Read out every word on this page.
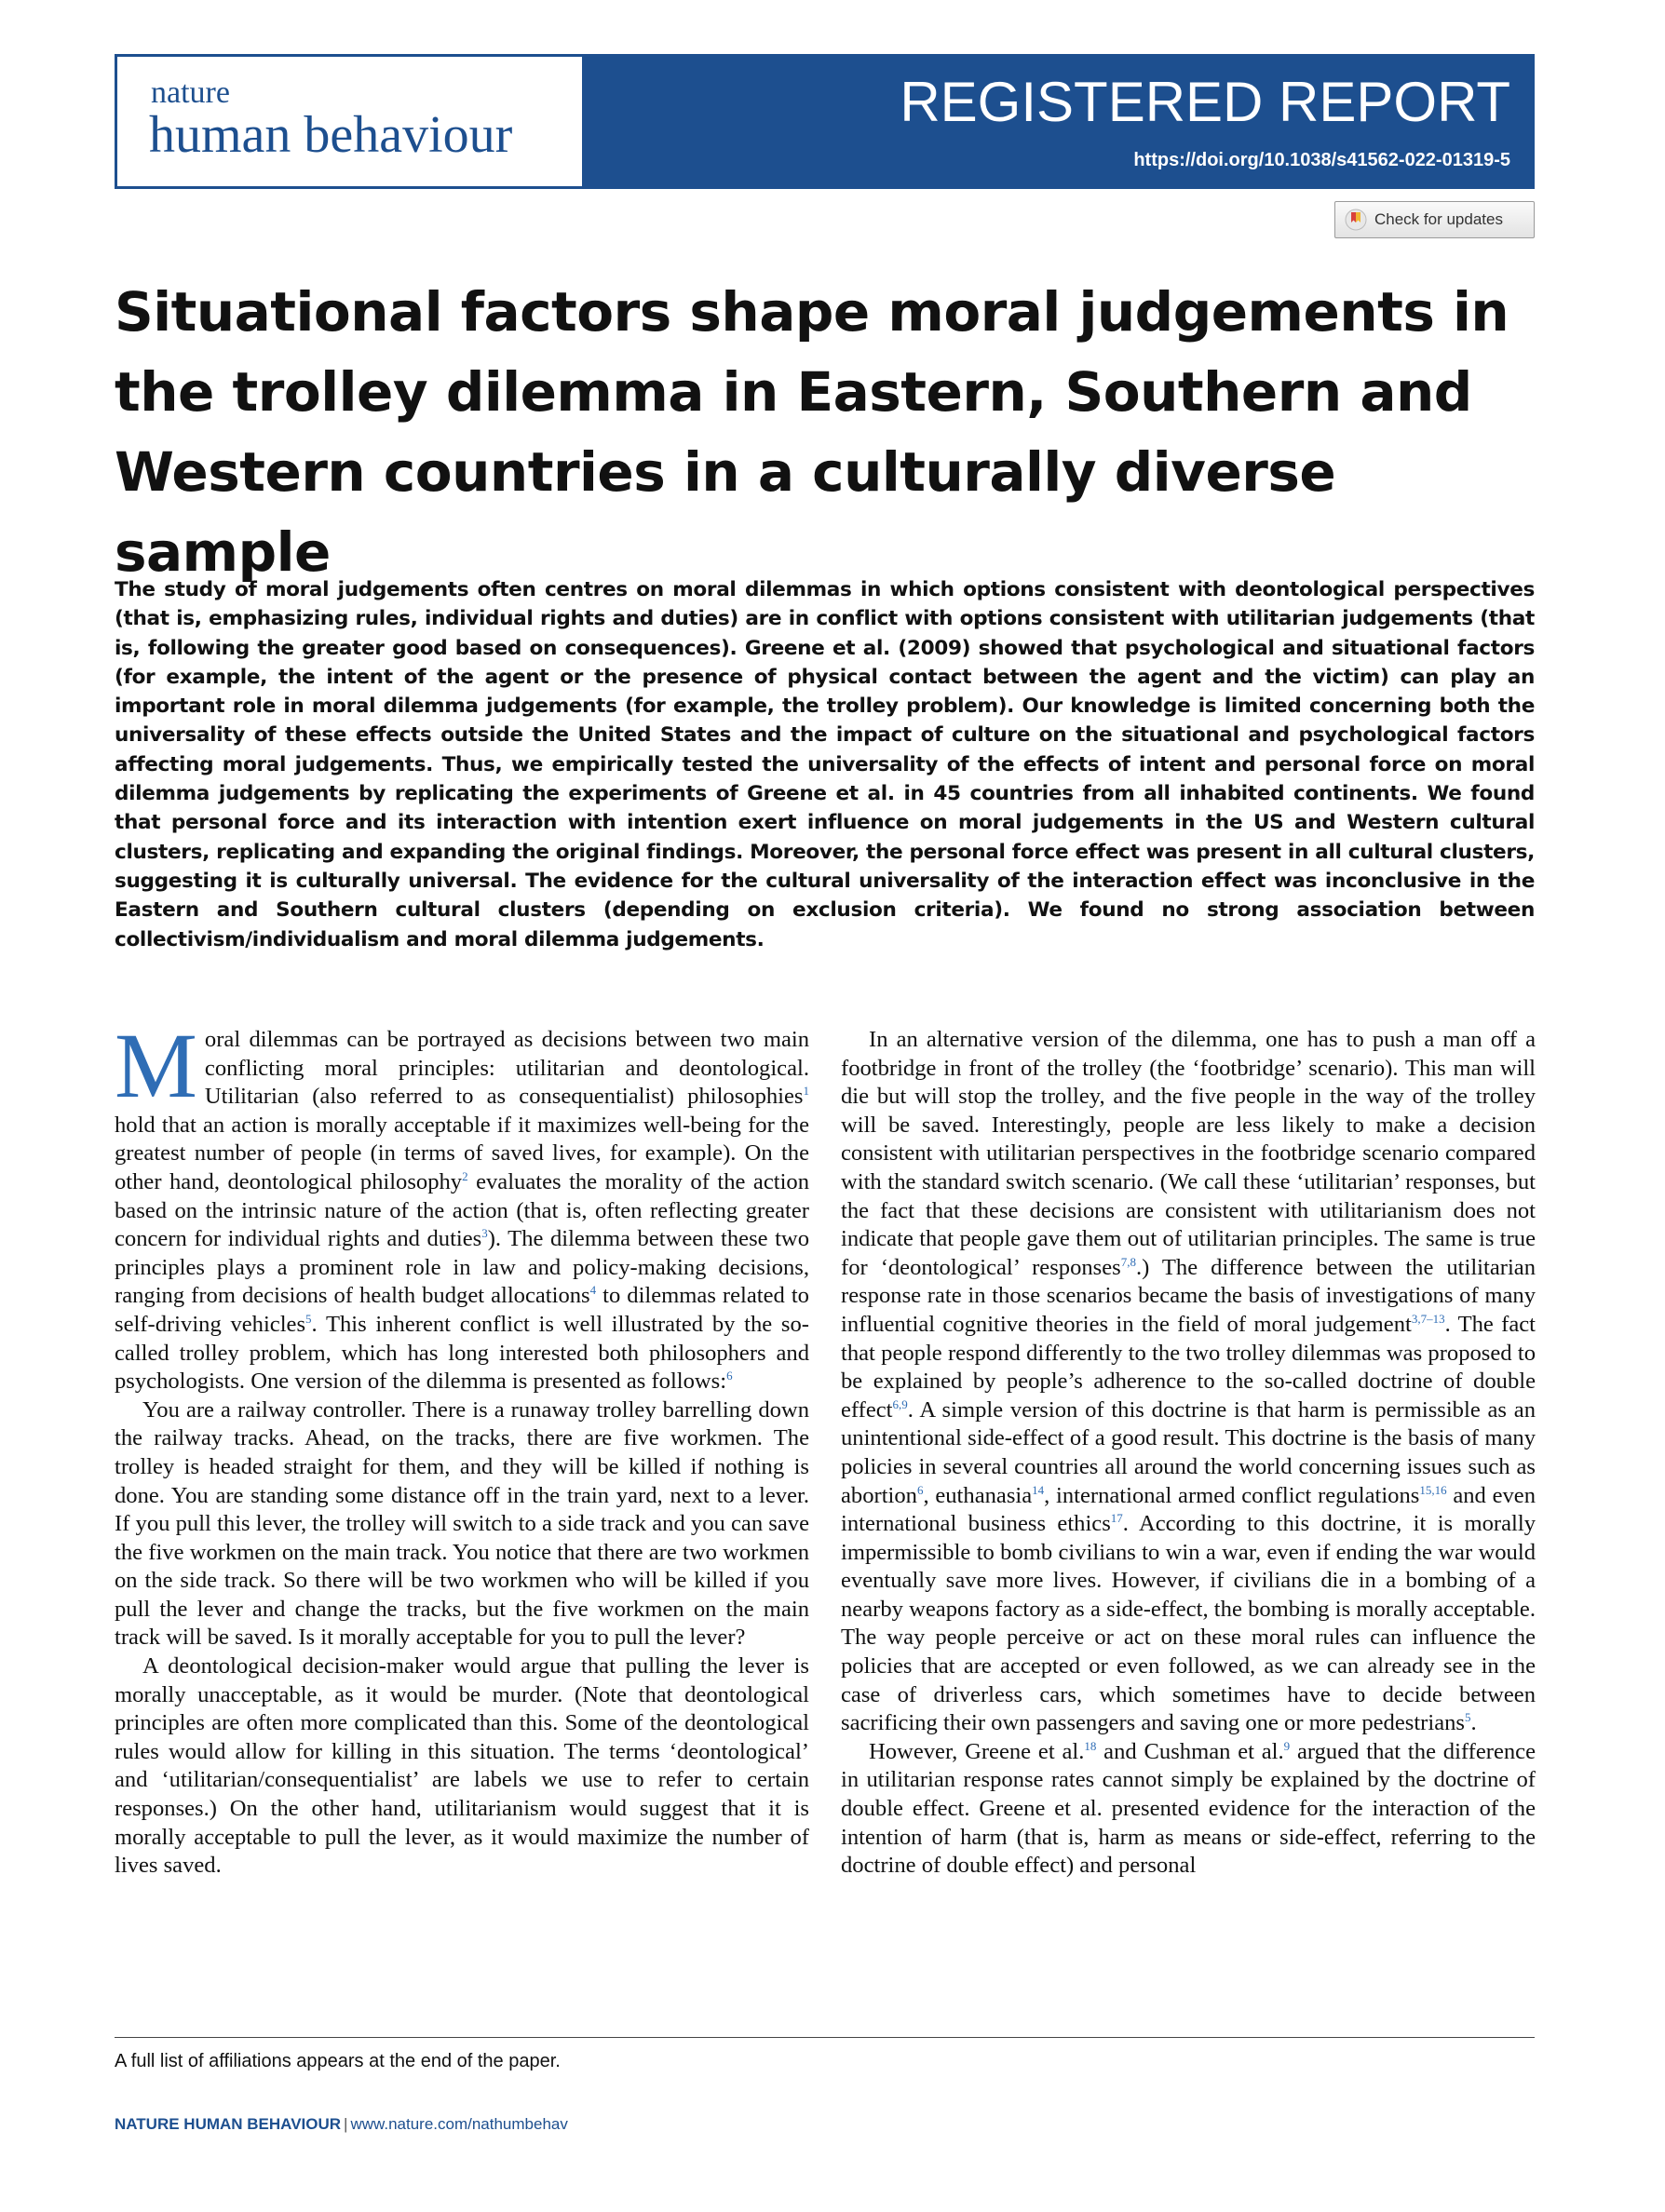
nature
human behaviour
REGISTERED REPORT
https://doi.org/10.1038/s41562-022-01319-5
Check for updates
Situational factors shape moral judgements in the trolley dilemma in Eastern, Southern and Western countries in a culturally diverse sample

The study of moral judgements often centres on moral dilemmas in which options consistent with deontological perspectives (that is, emphasizing rules, individual rights and duties) are in conflict with options consistent with utilitarian judgements (that is, following the greater good based on consequences). Greene et al. (2009) showed that psychological and situational factors (for example, the intent of the agent or the presence of physical contact between the agent and the victim) can play an important role in moral dilemma judgements (for example, the trolley problem). Our knowledge is limited concerning both the universality of these effects outside the United States and the impact of culture on the situational and psychological factors affecting moral judgements. Thus, we empirically tested the universality of the effects of intent and personal force on moral dilemma judgements by replicating the experiments of Greene et al. in 45 countries from all inhabited continents. We found that personal force and its interaction with intention exert influence on moral judgements in the US and Western cultural clusters, replicating and expanding the original findings. Moreover, the personal force effect was present in all cultural clusters, suggesting it is culturally universal. The evidence for the cultural universality of the interaction effect was inconclusive in the Eastern and Southern cultural clusters (depending on exclusion criteria). We found no strong association between collectivism/individualism and moral dilemma judgements.

Moral dilemmas can be portrayed as decisions between two main conflicting moral principles: utilitarian and deontological. Utilitarian (also referred to as consequentialist) philosophies$^1$ hold that an action is morally acceptable if it maximizes well-being for the greatest number of people (in terms of saved lives, for example). On the other hand, deontological philosophy$^2$ evaluates the morality of the action based on the intrinsic nature of the action (that is, often reflecting greater concern for individual rights and duties$^3$). The dilemma between these two principles plays a prominent role in law and policy-making decisions, ranging from decisions of health budget allocations$^4$ to dilemmas related to self-driving vehicles$^5$. This inherent conflict is well illustrated by the so-called trolley problem, which has long interested both philosophers and psychologists. One version of the dilemma is presented as follows:$^6$

You are a railway controller. There is a runaway trolley barrelling down the railway tracks. Ahead, on the tracks, there are five workmen. The trolley is headed straight for them, and they will be killed if nothing is done. You are standing some distance off in the train yard, next to a lever. If you pull this lever, the trolley will switch to a side track and you can save the five workmen on the main track. You notice that there are two workmen on the side track. So there will be two workmen who will be killed if you pull the lever and change the tracks, but the five workmen on the main track will be saved. Is it morally acceptable for you to pull the lever?

A deontological decision-maker would argue that pulling the lever is morally unacceptable, as it would be murder. (Note that deontological principles are often more complicated than this. Some of the deontological rules would allow for killing in this situation. The terms ‘deontological’ and ‘utilitarian/consequentialist’ are labels we use to refer to certain responses.) On the other hand, utilitarianism would suggest that it is morally acceptable to pull the lever, as it would maximize the number of lives saved.

In an alternative version of the dilemma, one has to push a man off a footbridge in front of the trolley (the ‘footbridge’ scenario). This man will die but will stop the trolley, and the five people in the way of the trolley will be saved. Interestingly, people are less likely to make a decision consistent with utilitarian perspectives in the footbridge scenario compared with the standard switch scenario. (We call these ‘utilitarian’ responses, but the fact that these decisions are consistent with utilitarianism does not indicate that people gave them out of utilitarian principles. The same is true for ‘deontological’ responses$^{7,8}$.) The difference between the utilitarian response rate in those scenarios became the basis of investigations of many influential cognitive theories in the field of moral judgement$^{3,7-13}$. The fact that people respond differently to the two trolley dilemmas was proposed to be explained by people’s adherence to the so-called doctrine of double effect$^{6,9}$. A simple version of this doctrine is that harm is permissible as an unintentional side-effect of a good result. This doctrine is the basis of many policies in several countries all around the world concerning issues such as abortion$^6$, euthanasia$^{14}$, international armed conflict regulations$^{15,16}$ and even international business ethics$^{17}$. According to this doctrine, it is morally impermissible to bomb civilians to win a war, even if ending the war would eventually save more lives. However, if civilians die in a bombing of a nearby weapons factory as a side-effect, the bombing is morally acceptable. The way people perceive or act on these moral rules can influence the policies that are accepted or even followed, as we can already see in the case of driverless cars, which sometimes have to decide between sacrificing their own passengers and saving one or more pedestrians$^5$.

However, Greene et al.$^{18}$ and Cushman et al.$^9$ argued that the difference in utilitarian response rates cannot simply be explained by the doctrine of double effect. Greene et al. presented evidence for the interaction of the intention of harm (that is, harm as means or side-effect, referring to the doctrine of double effect) and personal

A full list of affiliations appears at the end of the paper.
NATURE HUMAN BEHAVIOUR | www.nature.com/nathumbehav
